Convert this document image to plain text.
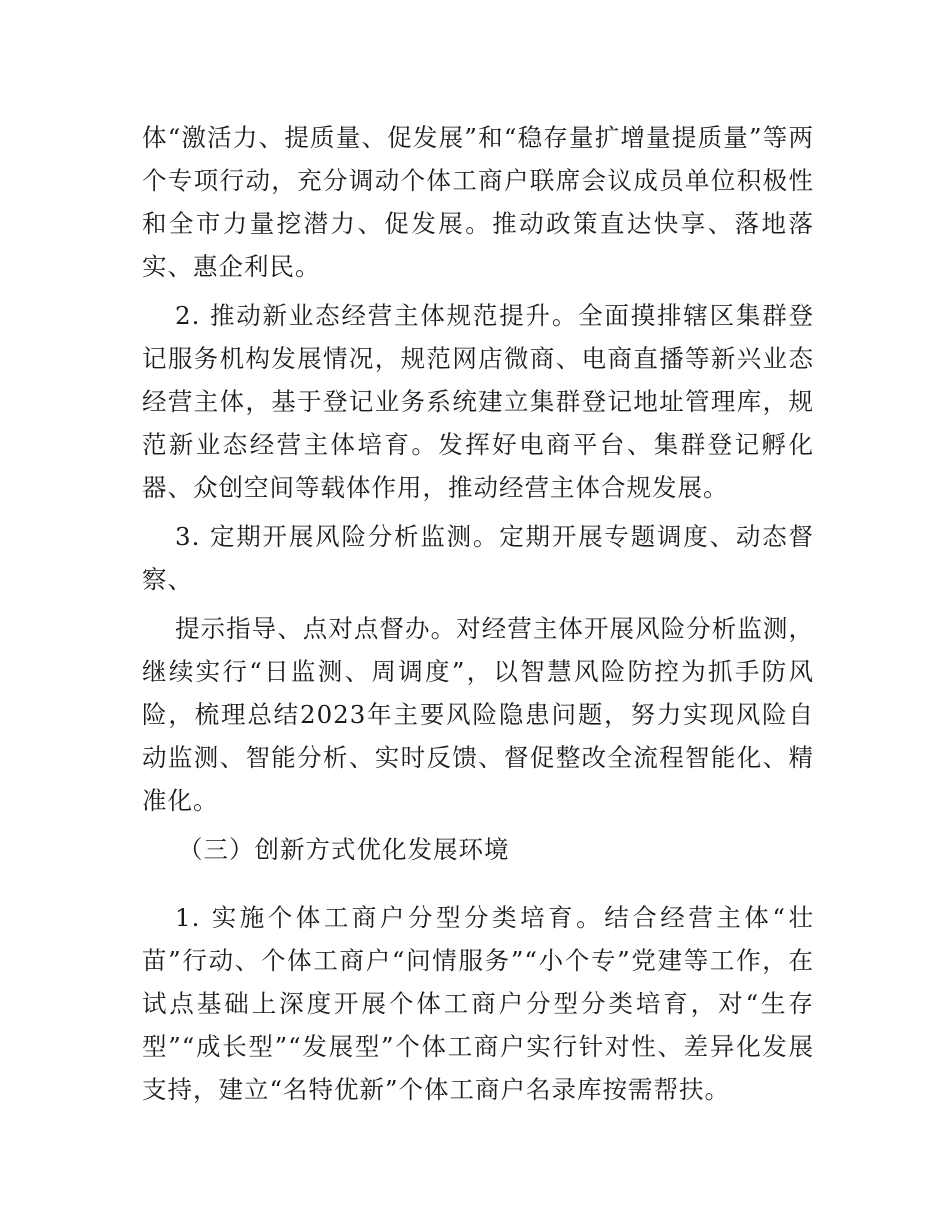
体“激活力、提质量、促发展”和“稳存量扩增量提质量”等两个专项行动，充分调动个体工商户联席会议成员单位积极性和全市力量挖潜力、促发展。推动政策直达快享、落地落实、惠企利民。

2. 推动新业态经营主体规范提升。全面摸排辖区集群登记服务机构发展情况，规范网店微商、电商直播等新兴业态经营主体，基于登记业务系统建立集群登记地址管理库，规范新业态经营主体培育。发挥好电商平台、集群登记孵化器、众创空间等载体作用，推动经营主体合规发展。

3. 定期开展风险分析监测。定期开展专题调度、动态督察、

提示指导、点对点督办。对经营主体开展风险分析监测，继续实行“日监测、周调度”，以智慧风险防控为抓手防风险，梳理总结2023年主要风险隐患问题，努力实现风险自动监测、智能分析、实时反馈、督促整改全流程智能化、精准化。

（三）创新方式优化发展环境

1. 实施个体工商户分型分类培育。结合经营主体“壮苗”行动、个体工商户“问情服务”“小个专”党建等工作，在试点基础上深度开展个体工商户分型分类培育，对“生存型”“成长型”“发展型”个体工商户实行针对性、差异化发展支持，建立“名特优新”个体工商户名录库按需帮扶。
